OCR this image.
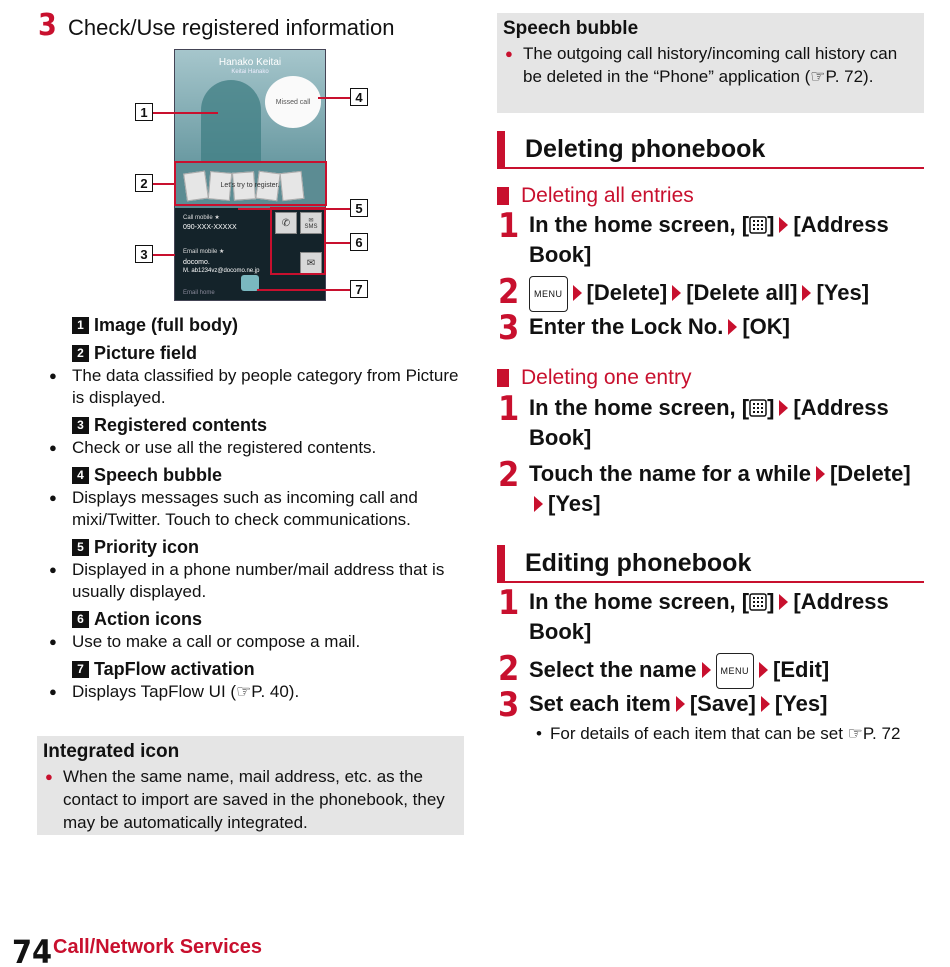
3 Check/Use registered information
Hanako Keitai
Keitai Hanako
Missed call
Let's try to register.
Call mobile ★
090-XXX-XXXXX
Email mobile ★
docomo.
M. ab1234vz@docomo.ne.jp
Email home
✆	✉
SMS
✉
1
2
3
4
5
6
7
1 Image (full body)
2 Picture field
● The data classified by people category from Picture is displayed.
3 Registered contents
● Check or use all the registered contents.
4 Speech bubble
● Displays messages such as incoming call and mixi/Twitter. Touch to check communications.
5 Priority icon
● Displayed in a phone number/mail address that is usually displayed.
6 Action icons
● Use to make a call or compose a mail.
7 TapFlow activation
● Displays TapFlow UI (☞P. 40).
Integrated icon
● When the same name, mail address, etc. as the contact to import are saved in the phonebook, they may be automatically integrated.
Speech bubble
● The outgoing call history/incoming call history can be deleted in the “Phone” application (☞P. 72).
Deleting phonebook
Deleting all entries
1 In the home screen, [ ] [Address Book]
2	MENU [Delete] [Delete all] [Yes]
3 Enter the Lock No. [OK]
Deleting one entry
1 In the home screen, [ ] [Address Book]
2 Touch the name for a while [Delete][Yes]
Editing phonebook
1 In the home screen, [ ] [Address Book]
2 Select the name	MENU [Edit]
3 Set each item [Save] [Yes]
• For details of each item that can be set ☞P. 72
74 Call/Network Services
